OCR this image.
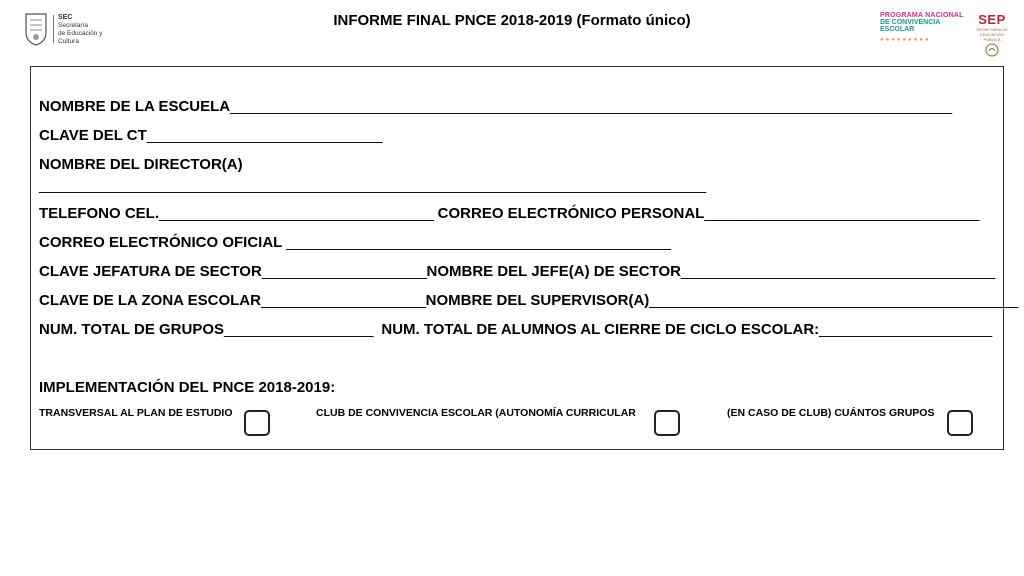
SEC
Secretaría
de Educación y Cultura
INFORME FINAL PNCE 2018-2019 (Formato único)	PROGRAMA NACIONAL
DE CONVIVENCIA ESCOLAR
●●●●●●●●●
SEP
SECRETARÍA DE
EDUCACIÓN PÚBLICA
NOMBRE DE LA ESCUELA____________________________________________________________________________________________
CLAVE DEL CT______________________________
NOMBRE DEL DIRECTOR(A)
_____________________________________________________________________________________
TELEFONO CEL.___________________________________ CORREO ELECTRÓNICO PERSONAL___________________________________
CORREO ELECTRÓNICO OFICIAL _________________________________________________
CLAVE JEFATURA DE SECTOR_____________________NOMBRE DEL JEFE(A) DE SECTOR________________________________________
CLAVE DE LA ZONA ESCOLAR_____________________NOMBRE DEL SUPERVISOR(A)_______________________________________________
NUM. TOTAL DE GRUPOS___________________ NUM. TOTAL DE ALUMNOS AL CIERRE DE CICLO ESCOLAR:______________________
IMPLEMENTACIÓN DEL PNCE 2018-2019:
TRANSVERSAL AL PLAN DE ESTUDIO	CLUB DE CONVIVENCIA ESCOLAR (AUTONOMÍA CURRICULAR	(EN CASO DE CLUB) CUÁNTOS GRUPOS
